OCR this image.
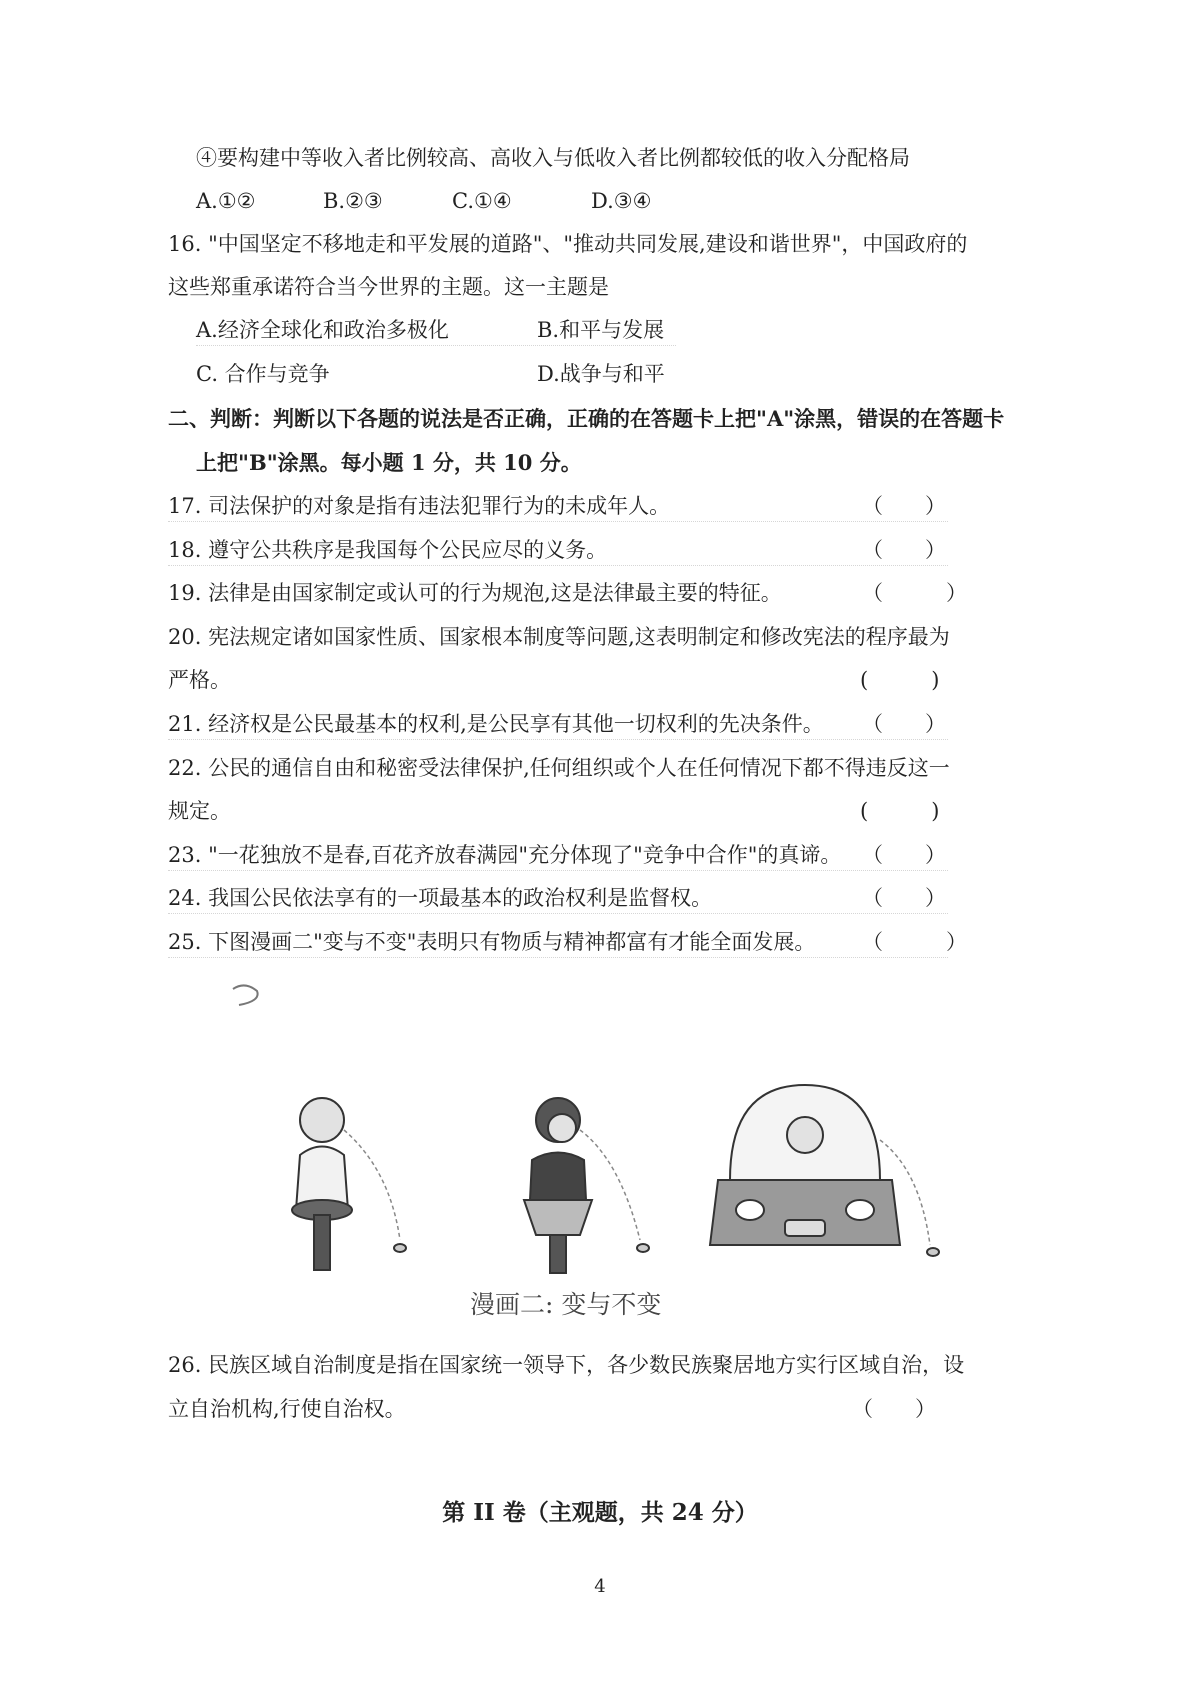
④要构建中等收入者比例较高、高收入与低收入者比例都较低的收入分配格局
A.①②	B.②③	C.①④	D.③④
16. "中国坚定不移地走和平发展的道路"、"推动共同发展,建设和谐世界"，中国政府的
这些郑重承诺符合当今世界的主题。这一主题是
A.经济全球化和政治多极化	B.和平与发展
C. 合作与竞争	D.战争与和平
二、判断：判断以下各题的说法是否正确，正确的在答题卡上把"A"涂黑，错误的在答题卡
上把"B"涂黑。每小题 1 分，共 10 分。
17. 司法保护的对象是指有违法犯罪行为的未成年人。	（　　）
18. 遵守公共秩序是我国每个公民应尽的义务。	（　　）
19. 法律是由国家制定或认可的行为规泡,这是法律最主要的特征。	（　　　）
20. 宪法规定诸如国家性质、国家根本制度等问题,这表明制定和修改宪法的程序最为
严格。	(　　　)
21. 经济权是公民最基本的权利,是公民享有其他一切权利的先决条件。 （　　）
22. 公民的通信自由和秘密受法律保护,任何组织或个人在任何情况下都不得违反这一
规定。	(　　　)
23. "一花独放不是春,百花齐放春满园"充分体现了"竞争中合作"的真谛。 （　　）
24. 我国公民依法享有的一项最基本的政治权利是监督权。	（　　）
25. 下图漫画二"变与不变"表明只有物质与精神都富有才能全面发展。 （　　　）
漫画二: 变与不变
26. 民族区域自治制度是指在国家统一领导下，各少数民族聚居地方实行区域自治，设
立自治机构,行使自治权。	（　　）
第 II 卷（主观题，共 24 分）
4
